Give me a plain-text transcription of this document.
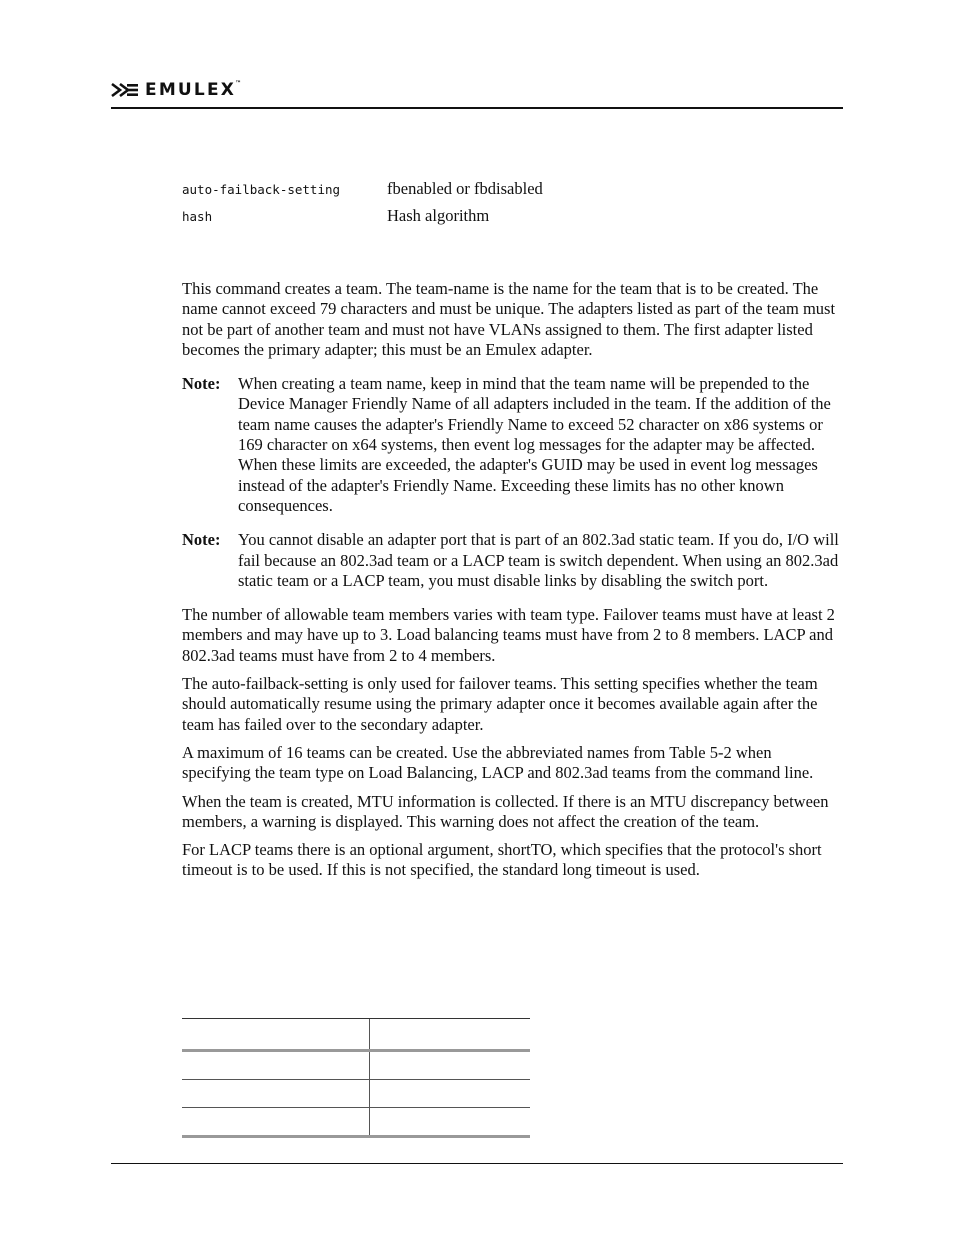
EMULEX™
auto-failback-setting	fbenabled or fbdisabled
hash	Hash algorithm

This command creates a team. The team-name is the name for the team that is to be created. The name cannot exceed 79 characters and must be unique. The adapters listed as part of the team must not be part of another team and must not have VLANs assigned to them. The first adapter listed becomes the primary adapter; this must be an Emulex adapter.

Note:	When creating a team name, keep in mind that the team name will be prepended to the Device Manager Friendly Name of all adapters included in the team. If the addition of the team name causes the adapter's Friendly Name to exceed 52 character on x86 systems or 169 character on x64 systems, then event log messages for the adapter may be affected. When these limits are exceeded, the adapter's GUID may be used in event log messages instead of the adapter's Friendly Name. Exceeding these limits has no other known consequences.
Note:	You cannot disable an adapter port that is part of an 802.3ad static team. If you do, I/O will fail because an 802.3ad team or a LACP team is switch dependent. When using an 802.3ad static team or a LACP team, you must disable links by disabling the switch port.

The number of allowable team members varies with team type. Failover teams must have at least 2 members and may have up to 3. Load balancing teams must have from 2 to 8 members. LACP and 802.3ad teams must have from 2 to 4 members.

The auto-failback-setting is only used for failover teams. This setting specifies whether the team should automatically resume using the primary adapter once it becomes available again after the team has failed over to the secondary adapter.

A maximum of 16 teams can be created. Use the abbreviated names from Table 5-2 when specifying the team type on Load Balancing, LACP and 802.3ad teams from the command line.

When the team is created, MTU information is collected. If there is an MTU discrepancy between members, a warning is displayed. This warning does not affect the creation of the team.

For LACP teams there is an optional argument, shortTO, which specifies that the protocol's short timeout is to be used. If this is not specified, the standard long timeout is used.
